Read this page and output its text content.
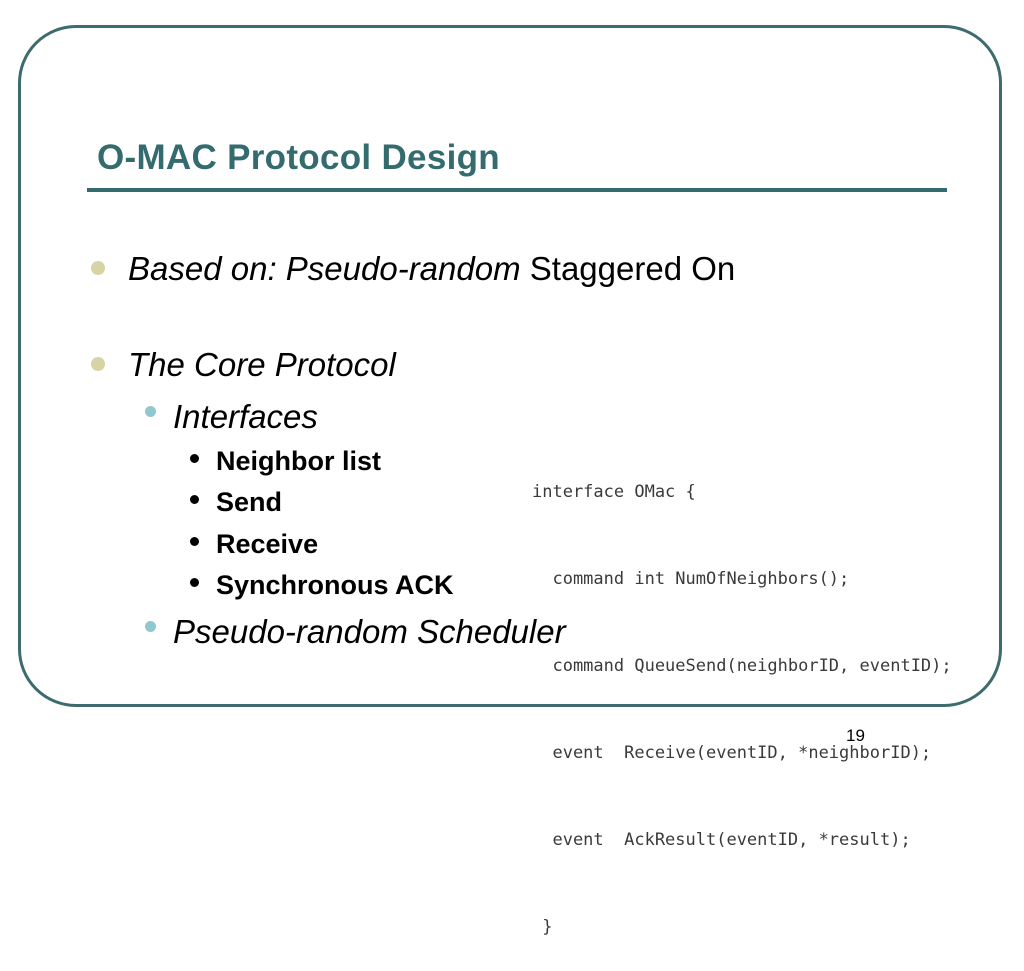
O-MAC Protocol Design
Based on: Pseudo-random Staggered On
The Core Protocol
Interfaces
Neighbor list
Send
Receive
Synchronous ACK
Pseudo-random Scheduler

interface OMac {

command int NumOfNeighbors();

command QueueSend(neighborID, eventID);

event  Receive(eventID, *neighborID);

event  AckResult(eventID, *result);

}

19
